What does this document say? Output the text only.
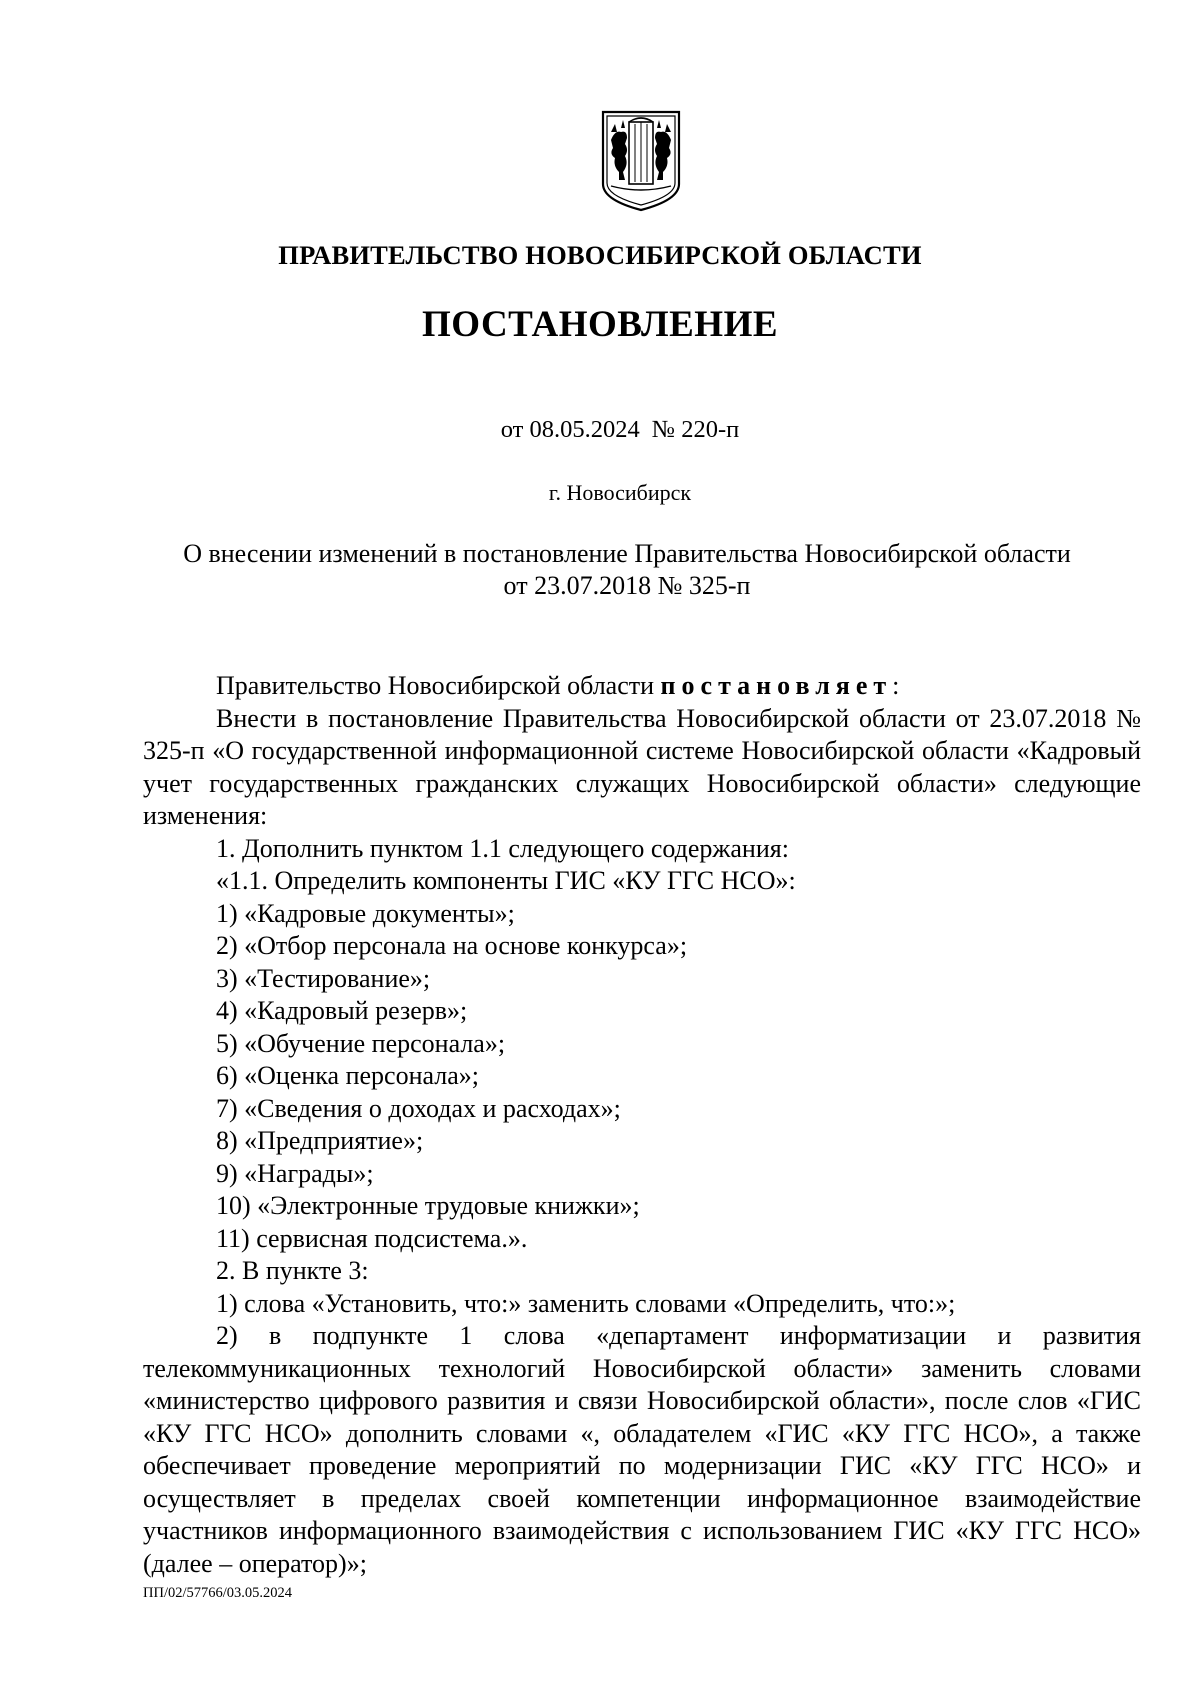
ПРАВИТЕЛЬСТВО НОВОСИБИРСКОЙ ОБЛАСТИ
ПОСТАНОВЛЕНИЕ
от 08.05.2024 № 220-п
г. Новосибирск
О внесении изменений в постановление Правительства Новосибирской области
от 23.07.2018 № 325-п

Правительство Новосибирской области постановляет:

Внести в постановление Правительства Новосибирской области от 23.07.2018 № 325-п «О государственной информационной системе Новосибирской области «Кадровый учет государственных гражданских служащих Новосибирской области» следующие изменения:

1. Дополнить пунктом 1.1 следующего содержания:

«1.1. Определить компоненты ГИС «КУ ГГС НСО»:

1) «Кадровые документы»;

2) «Отбор персонала на основе конкурса»;

3) «Тестирование»;

4) «Кадровый резерв»;

5) «Обучение персонала»;

6) «Оценка персонала»;

7) «Сведения о доходах и расходах»;

8) «Предприятие»;

9) «Награды»;

10) «Электронные трудовые книжки»;

11) сервисная подсистема.».

2. В пункте 3:

1) слова «Установить, что:» заменить словами «Определить, что:»;

2) в подпункте 1 слова «департамент информатизации и развития телекоммуникационных технологий Новосибирской области» заменить словами «министерство цифрового развития и связи Новосибирской области», после слов «ГИС «КУ ГГС НСО» дополнить словами «, обладателем «ГИС «КУ ГГС НСО», а также обеспечивает проведение мероприятий по модернизации ГИС «КУ ГГС НСО» и осуществляет в пределах своей компетенции информационное взаимодействие участников информационного взаимодействия с использованием ГИС «КУ ГГС НСО» (далее – оператор)»;

ПП/02/57766/03.05.2024
